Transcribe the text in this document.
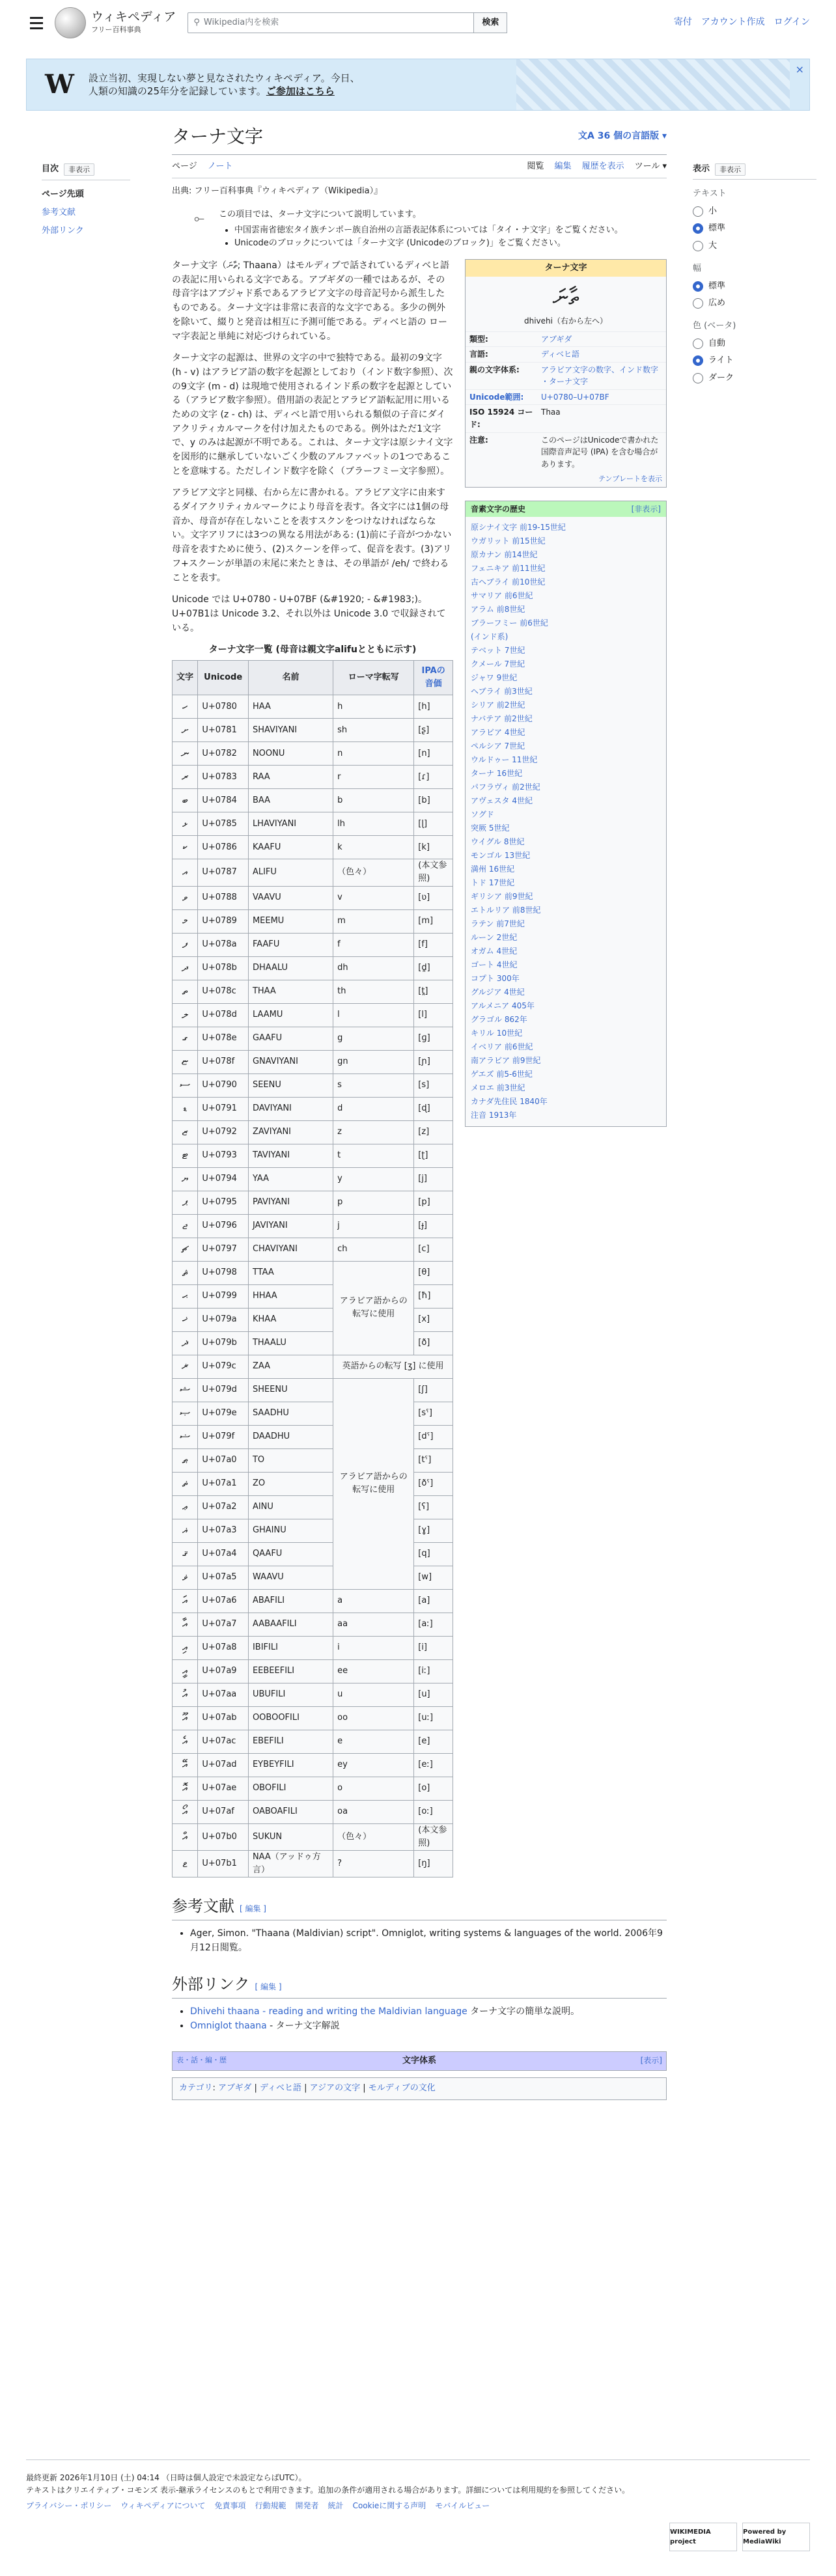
ウィキペディア
フリー百科事典
⚲ Wikipedia内を検索	検索	寄付 アカウント作成 ログイン
W 設立当初、実現しない夢と見なされたウィキペディア。今日、
人類の知識の25年分を記録しています。ご参加はこちら
×
目次	非表示
ページ先頭
参考文献
外部リンク
ターナ文字	文A 36 個の言語版 ▾
ページ ノート	閲覧 編集 履歴を表示 ツール ▾
出典: フリー百科事典『ウィキペディア（Wikipedia）』
⟜	この項目では、ターナ文字について説明しています。
• 中国雲南省徳宏タイ族チンポー族自治州の言語表記体系については「タイ・ナ文字」をご覧ください。
• Unicodeのブロックについては「ターナ文字 (Unicodeのブロック)」をご覧ください。
ターナ文字
ތާނަ
dhivehi（右から左へ）
類型:	アブギダ
言語:	ディベヒ語
親の文字体系:	アラビア文字の数字、インド数字 ・ターナ文字
Unicode範囲:	U+0780–U+07BF
ISO 15924 コード:	Thaa
注意:	このページはUnicodeで書かれた国際音声記号 (IPA) を含む場合があります。
テンプレートを表示
音素文字の歴史	[非表示]
原シナイ文字 前19-15世紀
ウガリット 前15世紀
原カナン 前14世紀
フェニキア 前11世紀
古ヘブライ 前10世紀
サマリア 前6世紀
アラム 前8世紀
ブラーフミー 前6世紀
(インド系)
テベット 7世紀
クメール 7世紀
ジャワ 9世紀
ヘブライ 前3世紀
シリア 前2世紀
ナバテア 前2世紀
アラビア 4世紀
ペルシア 7世紀
ウルドゥー 11世紀
ターナ 16世紀
パフラヴィ 前2世紀
アヴェスタ 4世紀
ソグド
突厥 5世紀
ウイグル 8世紀
モンゴル 13世紀
満州 16世紀
トド 17世紀
ギリシア 前9世紀
エトルリア 前8世紀
ラテン 前7世紀
ルーン 2世紀
オガム 4世紀
ゴート 4世紀
コプト 300年
グルジア 4世紀
アルメニア 405年
グラゴル 862年
キリル 10世紀
イベリア 前6世紀
南アラビア 前9世紀
ゲエズ 前5-6世紀
メロエ 前3世紀
カナダ先住民 1840年
注音 1913年

ターナ文字（ތާނަ; Thaana）はモルディブで話されているディベヒ語の表記に用いられる文字である。アブギダの一種ではあるが、その母音字はアブジャド系であるアラビア文字の母音記号から派生したものである。ターナ文字は非常に表音的な文字である。多少の例外を除いて、綴りと発音は相互に予測可能である。ディベヒ語の ローマ字表記と単純に対応づけられている。

ターナ文字の起源は、世界の文字の中で独特である。最初の9文字 (h - v) はアラビア語の数字を起源としており（インド数字参照）、次の9文字 (m - d) は現地で使用されるインド系の数字を起源としている（アラビア数字参照）。借用語の表記とアラビア語転記用に用いるための文字 (z - ch) は、ディベヒ語で用いられる類似の子音にダイアクリティカルマークを付け加えたものである。例外はただ1文字で、y のみは起源が不明である。これは、ターナ文字は原シナイ文字を図形的に継承していないごく少数のアルファベットの1つであることを意味する。ただしインド数字を除く（ブラーフミー文字参照）。

アラビア文字と同様、右から左に書かれる。アラビア文字に由来するダイアクリティカルマークにより母音を表す。各文字には1個の母音か、母音が存在しないことを表すスクンをつけなければならない。文字アリフには3つの異なる用法がある: (1)前に子音がつかない母音を表すために使う、(2)スクーンを伴って、促音を表す。(3)アリフ+スクーンが単語の末尾に来たときは、その単語が /eh/ で終わることを表す。

Unicode では U+0780 - U+07BF (&#1920; - &#1983;)。U+07B1は Unicode 3.2、それ以外は Unicode 3.0 で収録されている。

ターナ文字一覧 (母音は親文字alifuとともに示す)
文字	Unicode	名前	ローマ字転写	IPAの音価
ހ	U+0780	HAA	h	[h]
ށ	U+0781	SHAVIYANI	sh	[ʂ]
ނ	U+0782	NOONU	n	[n]
ރ	U+0783	RAA	r	[ɾ]
ބ	U+0784	BAA	b	[b]
ޅ	U+0785	LHAVIYANI	lh	[ɭ]
ކ	U+0786	KAAFU	k	[k]
އ	U+0787	ALIFU	（色々）	(本文参照)
ވ	U+0788	VAAVU	v	[ʋ]
މ	U+0789	MEEMU	m	[m]
ފ	U+078a	FAAFU	f	[f]
ދ	U+078b	DHAALU	dh	[d̪]
ތ	U+078c	THAA	th	[t̪]
ލ	U+078d	LAAMU	l	[l]
ގ	U+078e	GAAFU	g	[ɡ]
ޏ	U+078f	GNAVIYANI	gn	[ɲ]
ސ	U+0790	SEENU	s	[s]
ޑ	U+0791	DAVIYANI	d	[ɖ]
ޒ	U+0792	ZAVIYANI	z	[z]
ޓ	U+0793	TAVIYANI	t	[ʈ]
ޔ	U+0794	YAA	y	[j]
ޕ	U+0795	PAVIYANI	p	[p]
ޖ	U+0796	JAVIYANI	j	[ɟ]
ޗ	U+0797	CHAVIYANI	ch	[c]
ޘ	U+0798	TTAA	アラビア語からの転写に使用	[θ]
ޙ	U+0799	HHAA		[ħ]
ޚ	U+079a	KHAA		[x]
ޛ	U+079b	THAALU		[ð]
ޜ	U+079c	ZAA	英語からの転写 [ʒ] に使用	
ޝ	U+079d	SHEENU	アラビア語からの転写に使用	[ʃ]
ޞ	U+079e	SAADHU		[sˤ]
ޟ	U+079f	DAADHU		[dˤ]
ޠ	U+07a0	TO		[tˤ]
ޡ	U+07a1	ZO		[ðˤ]
ޢ	U+07a2	AINU		[ʕ]
ޣ	U+07a3	GHAINU		[ɣ]
ޤ	U+07a4	QAAFU		[q]
ޥ	U+07a5	WAAVU		[w]
އަ	U+07a6	ABAFILI	a	[a]
އާ	U+07a7	AABAAFILI	aa	[aː]
އި	U+07a8	IBIFILI	i	[i]
އީ	U+07a9	EEBEEFILI	ee	[iː]
އު	U+07aa	UBUFILI	u	[u]
އޫ	U+07ab	OOBOOFILI	oo	[uː]
އެ	U+07ac	EBEFILI	e	[e]
އޭ	U+07ad	EYBEYFILI	ey	[eː]
އޮ	U+07ae	OBOFILI	o	[o]
އޯ	U+07af	OABOAFILI	oa	[oː]
އް	U+07b0	SUKUN	（色々）	(本文参照)
ޱ	U+07b1	NAA（アッドゥ方言）	?	[ŋ]
参考文献 [ 編集 ]
• Ager, Simon. "Thaana (Maldivian) script". Omniglot, writing systems & languages of the world. 2006年9月12日閲覧。
外部リンク [ 編集 ]
• Dhivehi thaana - reading and writing the Maldivian language ターナ文字の簡単な説明。
• Omniglot thaana - ターナ文字解説
表・話・編・歴	文字体系	[表示]
カテゴリ: アブギダ | ディベヒ語 | アジアの文字 | モルディブの文化
表示	非表示
テキスト
小
標準
大
幅
標準
広め
色 (ベータ)
自動
ライト
ダーク
最終更新 2026年1月10日 (土) 04:14 （日時は個人設定で未設定ならばUTC）。
テキストはクリエイティブ・コモンズ 表示-継承ライセンスのもとで利用できます。追加の条件が適用される場合があります。詳細については利用規約を参照してください。
プライバシー・ポリシー ウィキペディアについて 免責事項 行動規範 開発者 統計 Cookieに関する声明 モバイルビュー
WIKIMEDIA project
Powered by MediaWiki
